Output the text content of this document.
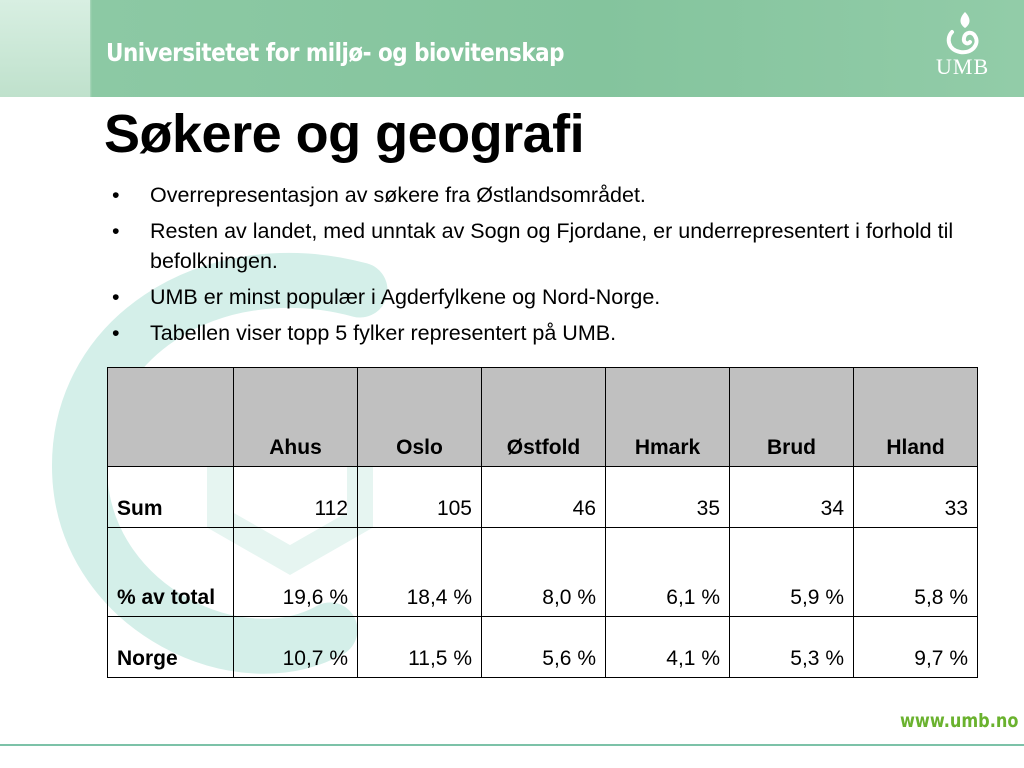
Universitetet for miljø- og biovitenskap	UMB
Søkere og geografi
• Overrepresentasjon av søkere fra Østlandsområdet.
• Resten av landet, med unntak av Sogn og Fjordane, er underrepresentert i forhold til befolkningen.
• UMB er minst populær i Agderfylkene og Nord-Norge.
• Tabellen viser topp 5 fylker representert på UMB.
	Ahus	Oslo	Østfold	Hmark	Brud	Hland
Sum	112	105	46	35	34	33
% av total	19,6 %	18,4 %	8,0 %	6,1 %	5,9 %	5,8 %
Norge	10,7 %	11,5 %	5,6 %	4,1 %	5,3 %	9,7 %
www.umb.no
